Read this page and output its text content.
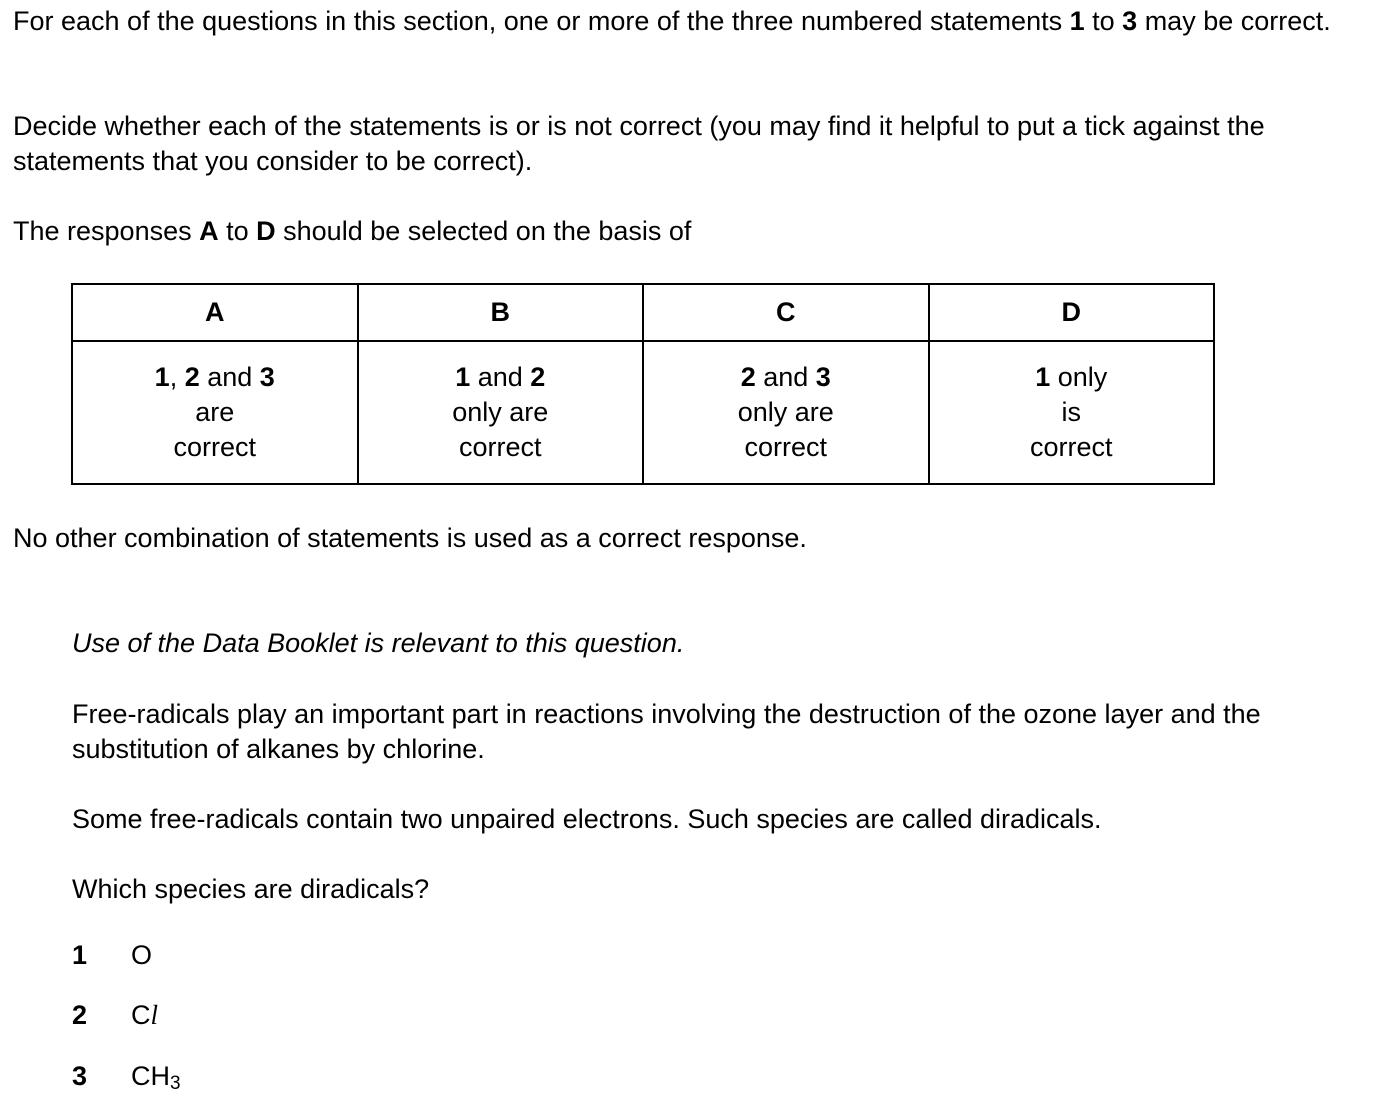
For each of the questions in this section, one or more of the three numbered statements 1 to 3 may be correct.

Decide whether each of the statements is or is not correct (you may find it helpful to put a tick against the statements that you consider to be correct).

The responses A to D should be selected on the basis of

A	B	C	D

1, 2 and 3
are
correct	1 and 2
only are
correct	2 and 3
only are
correct	1 only
is
correct

No other combination of statements is used as a correct response.

Use of the Data Booklet is relevant to this question.

Free-radicals play an important part in reactions involving the destruction of the ozone layer and the substitution of alkanes by chlorine.

Some free-radicals contain two unpaired electrons. Such species are called diradicals.

Which species are diradicals?

1 O
2 Cl
3 $CH_3$
